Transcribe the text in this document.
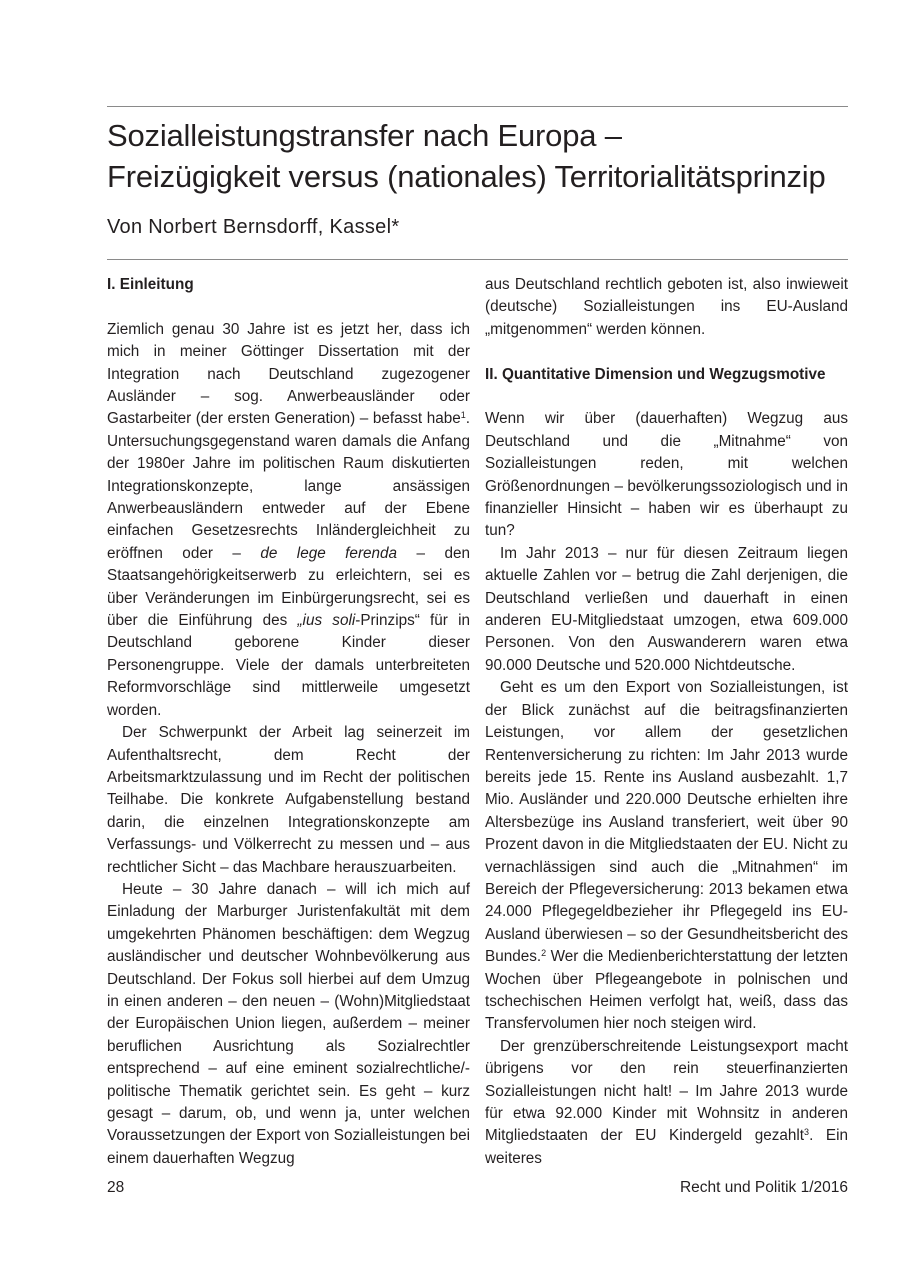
Sozialleistungstransfer nach Europa –
Freizügigkeit versus (nationales) Territorialitätsprinzip
Von Norbert Bernsdorff, Kassel*
I. Einleitung

Ziemlich genau 30 Jahre ist es jetzt her, dass ich mich in meiner Göttinger Dissertation mit der Integration nach Deutschland zugezogener Ausländer – sog. Anwerbeausländer oder Gastarbeiter (der ersten Generation) – befasst habe$^1$. Untersuchungsgegenstand waren damals die Anfang der 1980er Jahre im politischen Raum diskutierten Integrationskonzepte, lange ansässigen Anwerbeausländern entweder auf der Ebene einfachen Gesetzesrechts Inländergleichheit zu eröffnen oder – de lege ferenda – den Staatsangehörigkeitserwerb zu erleichtern, sei es über Veränderungen im Einbürgerungsrecht, sei es über die Einführung des „ius soli-Prinzips“ für in Deutschland geborene Kinder dieser Personengruppe. Viele der damals unterbreiteten Reformvorschläge sind mittlerweile umgesetzt worden.

Der Schwerpunkt der Arbeit lag seinerzeit im Aufenthaltsrecht, dem Recht der Arbeitsmarktzulassung und im Recht der politischen Teilhabe. Die konkrete Aufgabenstellung bestand darin, die einzelnen Integrationskonzepte am Verfassungs- und Völkerrecht zu messen und – aus rechtlicher Sicht – das Machbare herauszuarbeiten.

Heute – 30 Jahre danach – will ich mich auf Einladung der Marburger Juristenfakultät mit dem umgekehrten Phänomen beschäftigen: dem Wegzug ausländischer und deutscher Wohnbevölkerung aus Deutschland. Der Fokus soll hierbei auf dem Umzug in einen anderen – den neuen – (Wohn)Mitgliedstaat der Europäischen Union liegen, außerdem – meiner beruflichen Ausrichtung als Sozialrechtler entsprechend – auf eine eminent sozialrechtliche/-politische Thematik gerichtet sein. Es geht – kurz gesagt – darum, ob, und wenn ja, unter welchen Voraussetzungen der Export von Sozialleistungen bei einem dauerhaften Wegzug

aus Deutschland rechtlich geboten ist, also inwieweit (deutsche) Sozialleistungen ins EU-Ausland „mitgenommen“ werden können.

II. Quantitative Dimension und Wegzugsmotive

Wenn wir über (dauerhaften) Wegzug aus Deutschland und die „Mitnahme“ von Sozialleistungen reden, mit welchen Größenordnungen – bevölkerungssoziologisch und in finanzieller Hinsicht – haben wir es überhaupt zu tun?

Im Jahr 2013 – nur für diesen Zeitraum liegen aktuelle Zahlen vor – betrug die Zahl derjenigen, die Deutschland verließen und dauerhaft in einen anderen EU-Mitgliedstaat umzogen, etwa 609.000 Personen. Von den Auswanderern waren etwa 90.000 Deutsche und 520.000 Nichtdeutsche.

Geht es um den Export von Sozialleistungen, ist der Blick zunächst auf die beitragsfinanzierten Leistungen, vor allem der gesetzlichen Rentenversicherung zu richten: Im Jahr 2013 wurde bereits jede 15. Rente ins Ausland ausbezahlt. 1,7 Mio. Ausländer und 220.000 Deutsche erhielten ihre Altersbezüge ins Ausland transferiert, weit über 90 Prozent davon in die Mitgliedstaaten der EU. Nicht zu vernachlässigen sind auch die „Mitnahmen“ im Bereich der Pflegeversicherung: 2013 bekamen etwa 24.000 Pflegegeldbezieher ihr Pflegegeld ins EU-Ausland überwiesen – so der Gesundheitsbericht des Bundes.$^2$ Wer die Medienberichterstattung der letzten Wochen über Pflegeangebote in polnischen und tschechischen Heimen verfolgt hat, weiß, dass das Transfervolumen hier noch steigen wird.

Der grenzüberschreitende Leistungsexport macht übrigens vor den rein steuerfinanzierten Sozialleistungen nicht halt! – Im Jahre 2013 wurde für etwa 92.000 Kinder mit Wohnsitz in anderen Mitgliedstaaten der EU Kindergeld gezahlt$^3$. Ein weiteres

28	Recht und Politik 1/2016
